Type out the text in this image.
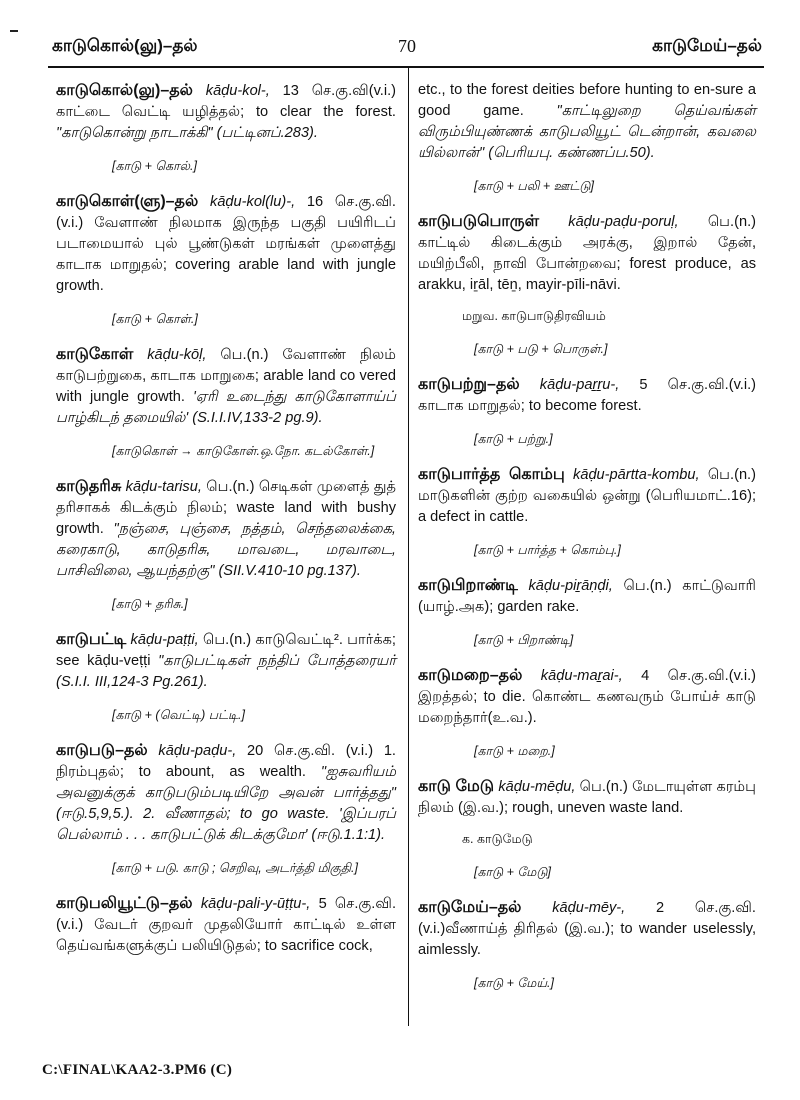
காடுகொல்(லு)–தல்	70	காடுமேய்–தல்
காடுகொல்(லு)–தல் kāḍu-kol-, 13 செ.கு.வி(v.i.) காட்டை வெட்டி யழித்தல்; to clear the forest. "காடுகொன்று நாடாக்கி" (பட்டினப்.283).
[காடு + கொல்.]
காடுகொள்(ளு)–தல் kāḍu-kol(lu)-, 16 செ.கு.வி. (v.i.) வேளாண் நிலமாக இருந்த பகுதி பயிரிடப் படாமையால் புல் பூண்டுகள் மரங்கள் முளைத்து காடாக மாறுதல்; covering arable land with jungle growth.
[காடு + கொள்.]
காடுகோள் kāḍu-kōḷ, பெ.(n.) வேளாண் நிலம் காடுபற்றுகை, காடாக மாறுகை; arable land co vered with jungle growth. 'ஏரி உடைந்து காடுகோளாய்ப் பாழ்கிடந் தமையில்' (S.I.I.IV,133-2 pg.9).
[காடுகொள் → காடுகோள்.ஒ.நோ. கடல்கோள்.]
காடுதரிசு kāḍu-tarisu, பெ.(n.) செடிகள் முளைத் துத் தரிசாகக் கிடக்கும் நிலம்; waste land with bushy growth. "நஞ்சை, புஞ்சை, நத்தம், செந்தலைக்கை, கரைகாடு, காடுதரிசு, மாவடை, மரவாடை, பாசிவிலை, ஆயந்தற்கு" (SII.V.410-10 pg.137).
[காடு + தரிசு.]
காடுபட்டி kāḍu-paṭṭi, பெ.(n.) காடுவெட்டி². பார்க்க; see kāḍu-veṭṭi "காடுபட்டிகள் நந்திப் போத்தரையர் (S.I.I. III,124-3 Pg.261).
[காடு + (வெட்டி) பட்டி.]
காடுபடு–தல் kāḍu-paḍu-, 20 செ.கு.வி. (v.i.) 1. நிரம்புதல்; to abount, as wealth. "ஐசுவரியம் அவனுக்குக் காடுபடும்படியிறே அவன் பார்த்தது" (ஈடு.5,9,5.). 2. வீணாதல்; to go waste. 'இப்பரப் பெல்லாம் . . . காடுபட்டுக் கிடக்குமோ' (ஈடு.1.1:1).
[காடு + படு. காடு ; செறிவு, அடர்த்தி மிகுதி.]
காடுபலியூட்டு–தல் kāḍu-pali-y-ūṭṭu-, 5 செ.கு.வி. (v.i.) வேடர் குறவர் முதலியோர் காட்டில் உள்ள தெய்வங்களுக்குப் பலியிடுதல்; to sacrifice cock,
etc., to the forest deities before hunting to en-sure a good game. "காட்டிலுறை தெய்வங்கள் விரும்பியுண்ணக் காடுபலியூட் டென்றான், கவலை யில்லான்" (பெரியபு. கண்ணப்ப.50).
[காடு + பலி + ஊட்டு]
காடுபடுபொருள் kāḍu-paḍu-poruḷ, பெ.(n.) காட்டில் கிடைக்கும் அரக்கு, இறால் தேன், மயிற்பீலி, நாவி போன்றவை; forest produce, as arakku, iṟāl, tēṉ, mayir-pīli-nāvi.
மறுவ. காடுபாடுதிரவியம்
[காடு + படு + பொருள்.]
காடுபற்று–தல் kāḍu-paṟṟu-, 5 செ.கு.வி.(v.i.) காடாக மாறுதல்; to become forest.
[காடு + பற்று.]
காடுபார்த்த கொம்பு kāḍu-pārtta-kombu, பெ.(n.) மாடுகளின் குற்ற வகையில் ஒன்று (பெரியமாட்.16); a defect in cattle.
[காடு + பார்த்த + கொம்பு.]
காடுபிறாண்டி kāḍu-piṟāṇḍi, பெ.(n.) காட்டுவாரி (யாழ்.அக); garden rake.
[காடு + பிறாண்டி]
காடுமறை–தல் kāḍu-maṟai-, 4 செ.கு.வி.(v.i.) இறத்தல்; to die. கொண்ட கணவரும் போய்ச் காடு மறைந்தார்(உ.வ.).
[காடு + மறை.]
காடு மேடு kāḍu-mēḍu, பெ.(n.) மேடாயுள்ள கரம்பு நிலம் (இ.வ.); rough, uneven waste land.
க. காடுமேடு
[காடு + மேடு]
காடுமேய்–தல் kāḍu-mēy-, 2 செ.கு.வி. (v.i.)வீணாய்த் திரிதல் (இ.வ.); to wander uselessly, aimlessly.
[காடு + மேய்.]
C:\FINAL\KAA2-3.PM6 (C)
